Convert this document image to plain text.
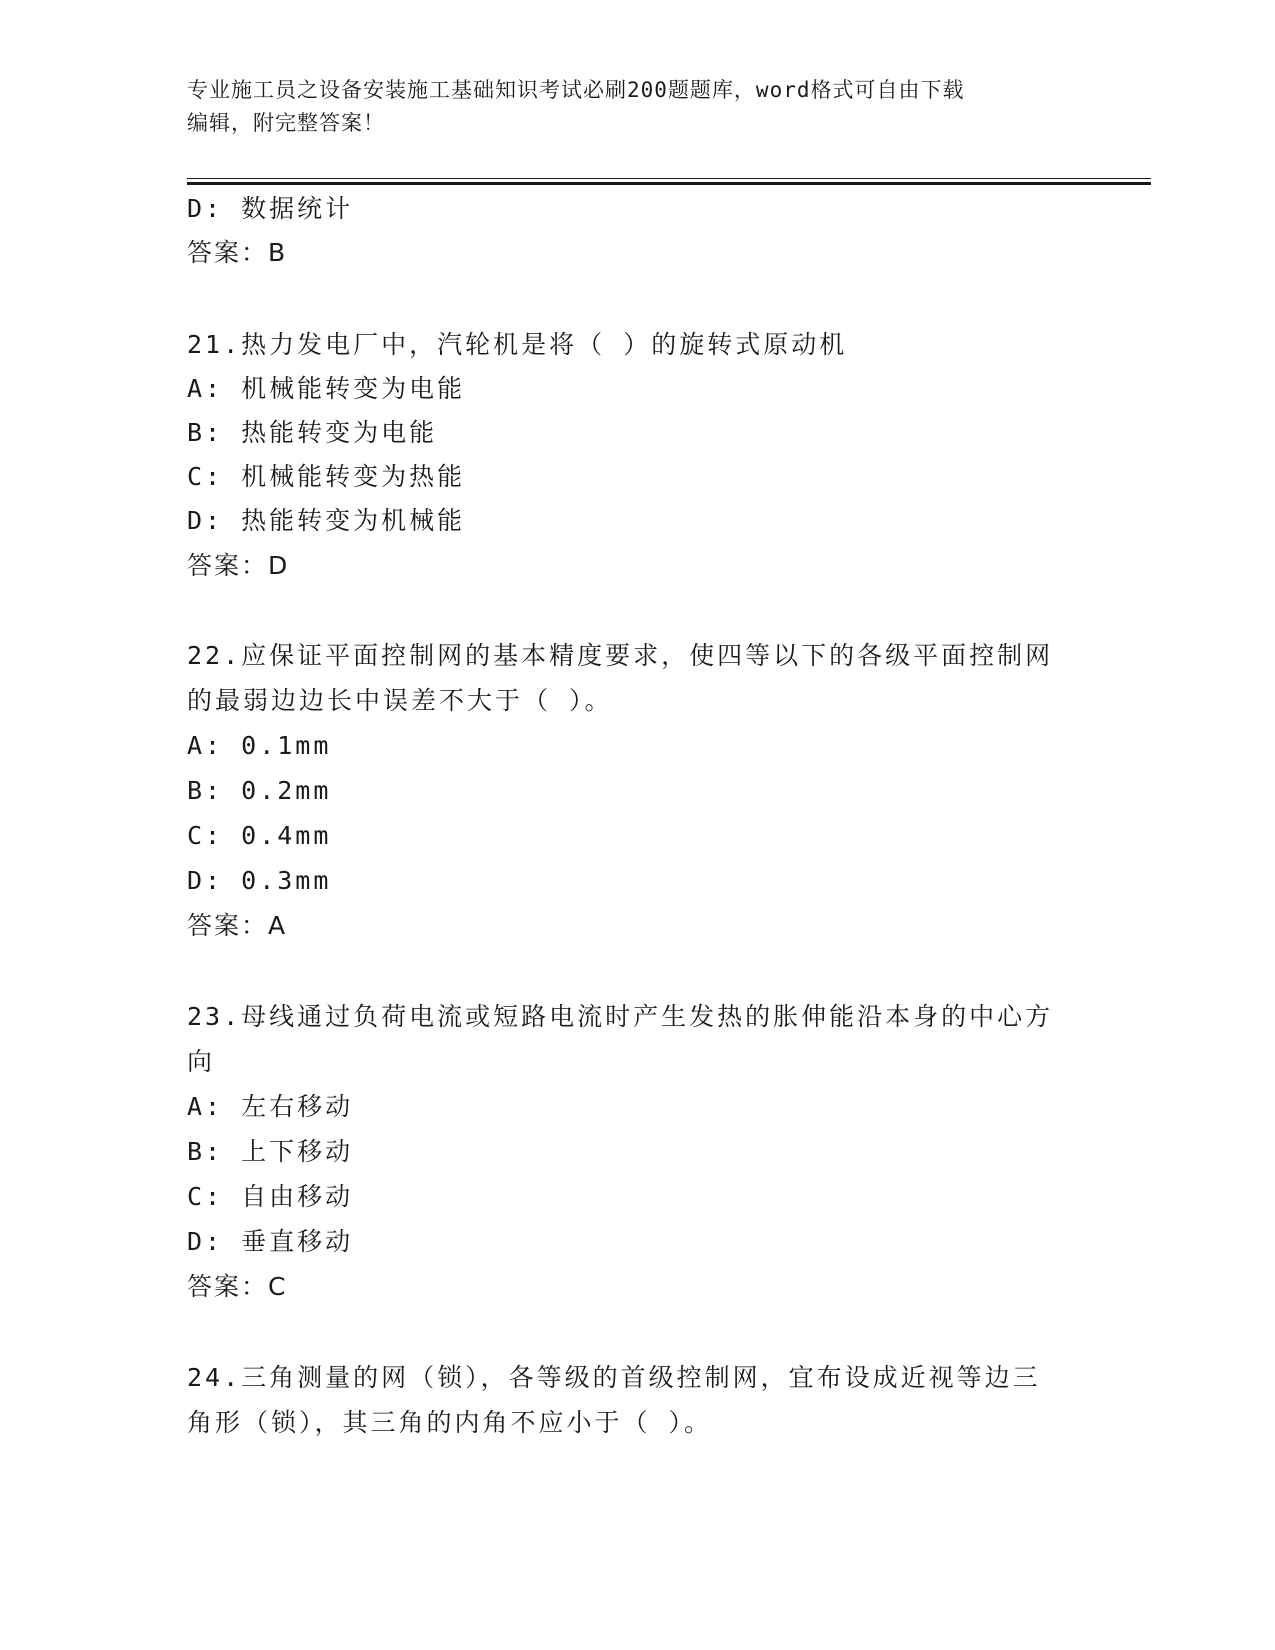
专业施工员之设备安装施工基础知识考试必刷200题题库，word格式可自由下载
编辑，附完整答案！
D: 数据统计
答案：B
21.热力发电厂中，汽轮机是将（ ）的旋转式原动机
A: 机械能转变为电能
B: 热能转变为电能
C: 机械能转变为热能
D: 热能转变为机械能
答案：D
22.应保证平面控制网的基本精度要求，使四等以下的各级平面控制网
的最弱边边长中误差不大于（ ）。
A: 0.1mm
B: 0.2mm
C: 0.4mm
D: 0.3mm
答案：A
23.母线通过负荷电流或短路电流时产生发热的胀伸能沿本身的中心方
向
A: 左右移动
B: 上下移动
C: 自由移动
D: 垂直移动
答案：C
24.三角测量的网（锁），各等级的首级控制网，宜布设成近视等边三
角形（锁），其三角的内角不应小于（ ）。
